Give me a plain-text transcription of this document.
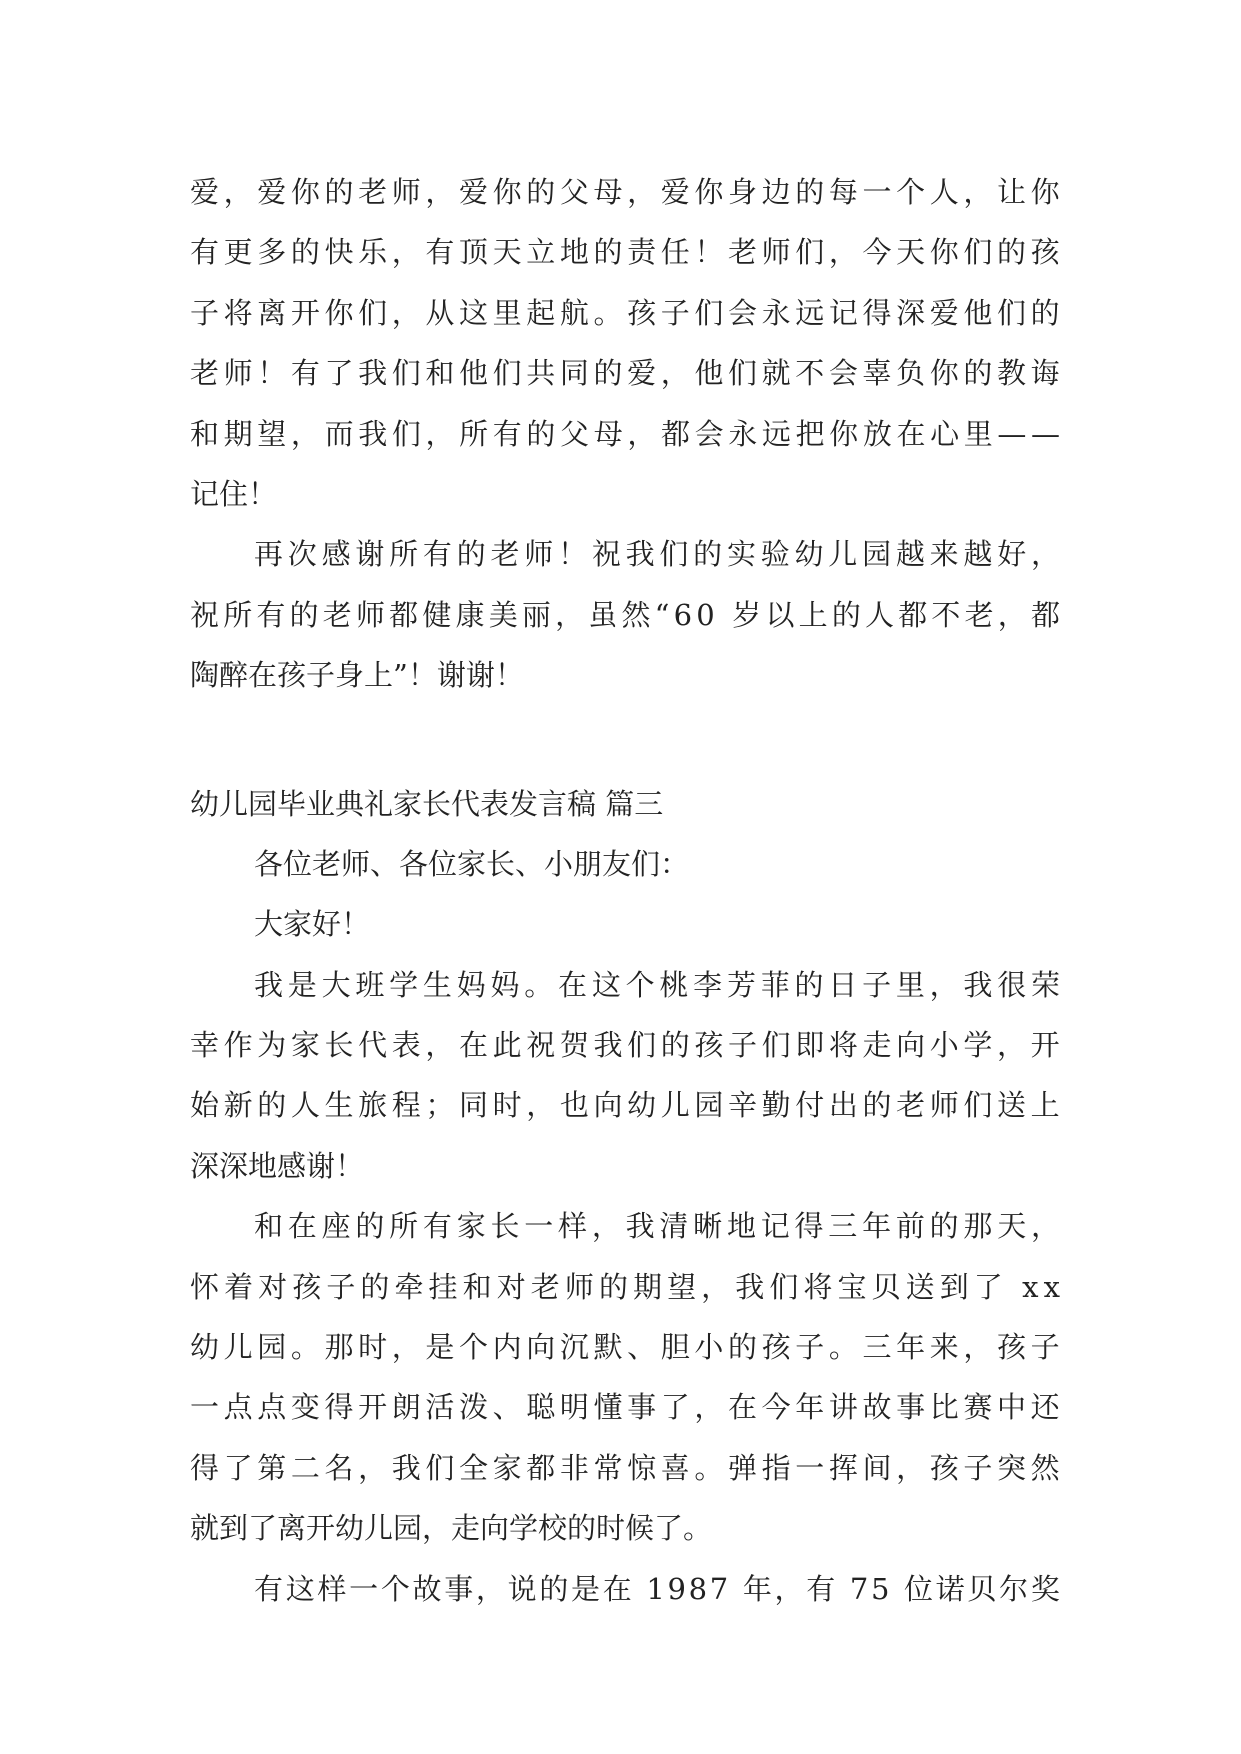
爱 ， 爱 你 的 老 师 ， 爱 你 的 父 母 ， 爱 你 身 边 的 每 一 个 人 ， 让 你
有 更 多 的 快 乐 ， 有 顶 天 立 地 的 责 任 ！ 老 师 们 ， 今 天 你 们 的 孩
子 将 离 开 你 们 ， 从 这 里 起 航 。 孩 子 们 会 永 远 记 得 深 爱 他 们 的
老 师 ！ 有 了 我 们 和 他 们 共 同 的 爱 ， 他 们 就 不 会 辜 负 你 的 教 诲
和 期 望 ， 而 我 们 ， 所 有 的 父 母 ， 都 会 永 远 把 你 放 在 心 里 — —
记住！
再 次 感 谢 所 有 的 老 师 ！ 祝 我 们 的 实 验 幼 儿 园 越 来 越 好 ，
祝 所 有 的 老 师 都 健 康 美 丽 ， 虽 然 “ 6 0
岁 以 上 的 人 都 不 老 ， 都
陶醉在孩子身上”！谢谢！
幼儿园毕业典礼家长代表发言稿 篇三
各位老师、各位家长、小朋友们：
大家好！
我 是 大 班 学 生 妈 妈 。 在 这 个 桃 李 芳 菲 的 日 子 里 ， 我 很 荣
幸 作 为 家 长 代 表 ， 在 此 祝 贺 我 们 的 孩 子 们 即 将 走 向 小 学 ， 开
始 新 的 人 生 旅 程 ； 同 时 ， 也 向 幼 儿 园 辛 勤 付 出 的 老 师 们 送 上
深深地感谢！
和 在 座 的 所 有 家 长 一 样 ， 我 清 晰 地 记 得 三 年 前 的 那 天 ，
怀 着 对 孩 子 的 牵 挂 和 对 老 师 的 期 望 ， 我 们 将 宝 贝 送 到 了
x x
幼 儿 园 。 那 时 ， 是 个 内 向 沉 默 、 胆 小 的 孩 子 。 三 年 来 ， 孩 子
一 点 点 变 得 开 朗 活 泼 、 聪 明 懂 事 了 ， 在 今 年 讲 故 事 比 赛 中 还
得 了 第 二 名 ， 我 们 全 家 都 非 常 惊 喜 。 弹 指 一 挥 间 ， 孩 子 突 然
就到了离开幼儿园，走向学校的时候了。
有 这 样 一 个 故 事 ， 说 的 是 在
1 9 8 7
年 ， 有
7 5
位 诺 贝 尔 奖
